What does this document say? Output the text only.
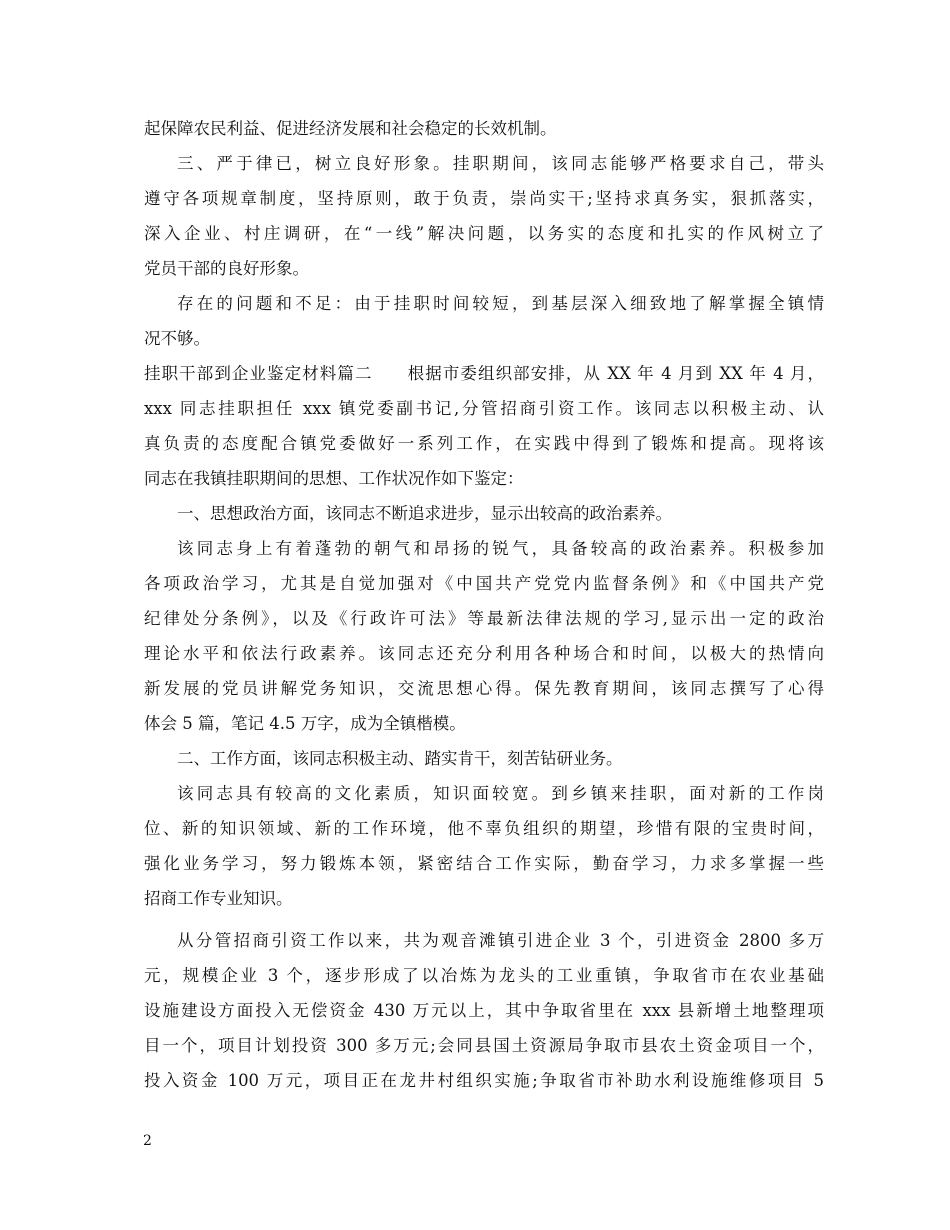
起保障农民利益、促进经济发展和社会稳定的长效机制。
三、严于律已，树立良好形象。挂职期间，该同志能够严格要求自己，带头
遵守各项规章制度，坚持原则，敢于负责，崇尚实干;坚持求真务实，狠抓落实，
深入企业、村庄调研，在“一线”解决问题，以务实的态度和扎实的作风树立了
党员干部的良好形象。
存在的问题和不足：由于挂职时间较短，到基层深入细致地了解掌握全镇情
况不够。
挂职干部到企业鉴定材料篇二　　根据市委组织部安排，从 XX 年 4 月到 XX 年 4 月，
xxx 同志挂职担任 xxx 镇党委副书记,分管招商引资工作。该同志以积极主动、认
真负责的态度配合镇党委做好一系列工作，在实践中得到了锻炼和提高。现将该
同志在我镇挂职期间的思想、工作状况作如下鉴定：
一、思想政治方面，该同志不断追求进步，显示出较高的政治素养。
该同志身上有着蓬勃的朝气和昂扬的锐气，具备较高的政治素养。积极参加
各项政治学习，尤其是自觉加强对《中国共产党党内监督条例》和《中国共产党
纪律处分条例》，以及《行政许可法》等最新法律法规的学习,显示出一定的政治
理论水平和依法行政素养。该同志还充分利用各种场合和时间，以极大的热情向
新发展的党员讲解党务知识，交流思想心得。保先教育期间，该同志撰写了心得
体会 5 篇，笔记 4.5 万字，成为全镇楷模。
二、工作方面，该同志积极主动、踏实肯干，刻苦钻研业务。
该同志具有较高的文化素质，知识面较宽。到乡镇来挂职，面对新的工作岗
位、新的知识领域、新的工作环境，他不辜负组织的期望，珍惜有限的宝贵时间，
强化业务学习，努力锻炼本领，紧密结合工作实际，勤奋学习，力求多掌握一些
招商工作专业知识。
从分管招商引资工作以来，共为观音滩镇引进企业 3 个，引进资金 2800 多万
元，规模企业 3 个，逐步形成了以冶炼为龙头的工业重镇，争取省市在农业基础
设施建设方面投入无偿资金 430 万元以上，其中争取省里在 xxx 县新增土地整理项
目一个，项目计划投资 300 多万元;会同县国土资源局争取市县农土资金项目一个，
投入资金 100 万元，项目正在龙井村组织实施;争取省市补助水利设施维修项目 5
2
